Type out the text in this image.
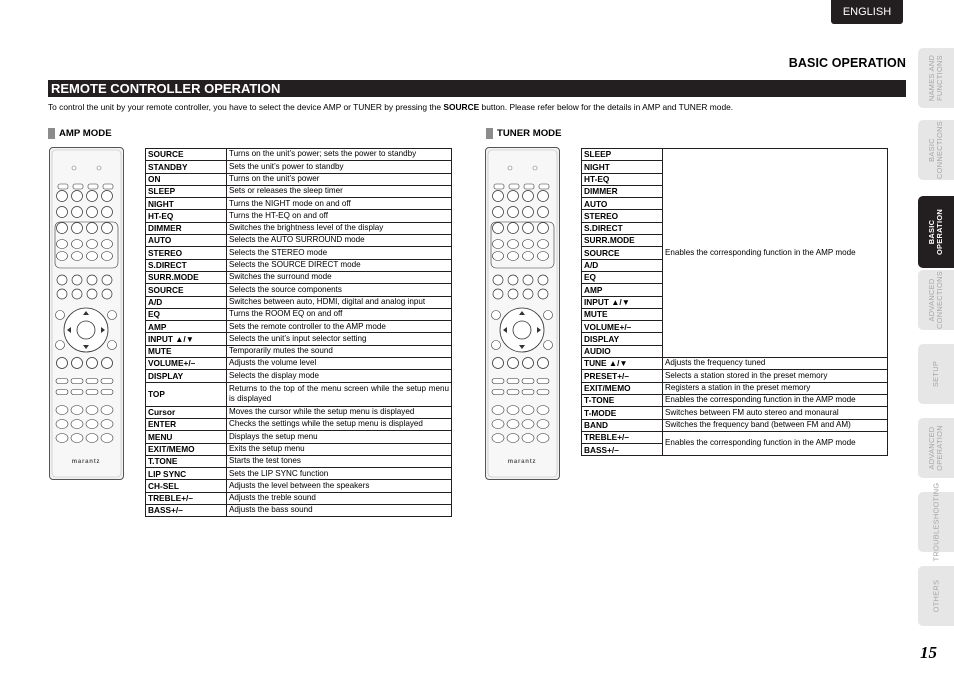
ENGLISH
BASIC OPERATION
REMOTE CONTROLLER OPERATION

To control the unit by your remote controller, you have to select the device AMP or TUNER by pressing the SOURCE button. Please refer below for the details in AMP and TUNER mode.

AMP MODE	TUNER MODE
marantz	marantz
SOURCE	Turns on the unit’s power; sets the power to standby
STANDBY	Sets the unit’s power to standby
ON	Turns on the unit’s power
SLEEP	Sets or releases the sleep timer
NIGHT	Turns the NIGHT mode on and off
HT-EQ	Turns the HT-EQ on and off
DIMMER	Switches the brightness level of the display
AUTO	Selects the AUTO SURROUND mode
STEREO	Selects the STEREO mode
S.DIRECT	Selects the SOURCE DIRECT mode
SURR.MODE	Switches the surround mode
SOURCE	Selects the source components
A/D	Switches between auto, HDMI, digital and analog input
EQ	Turns the ROOM EQ on and off
AMP	Sets the remote controller to the AMP mode
INPUT ▲/▼	Selects the unit’s input selector setting
MUTE	Temporarily mutes the sound
VOLUME+/–	Adjusts the volume level
DISPLAY	Selects the display mode
TOP	Returns to the top of the menu screen while the setup menu is displayed
Cursor	Moves the cursor while the setup menu is displayed
ENTER	Checks the settings while the setup menu is displayed
MENU	Displays the setup menu
EXIT/MEMO	Exits the setup menu
T.TONE	Starts the test tones
LIP SYNC	Sets the LIP SYNC function
CH-SEL	Adjusts the level between the speakers
TREBLE+/–	Adjusts the treble sound
BASS+/–	Adjusts the bass sound
SLEEP	Enables the corresponding function in the AMP mode
NIGHT	
HT-EQ	
DIMMER	
AUTO	
STEREO	
S.DIRECT	
SURR.MODE	
SOURCE	
A/D	
EQ	
AMP	
INPUT ▲/▼	
MUTE	
VOLUME+/–	
DISPLAY	
AUDIO	
TUNE ▲/▼	Adjusts the frequency tuned
PRESET+/–	Selects a station stored in the preset memory
EXIT/MEMO	Registers a station in the preset memory
T-TONE	Enables the corresponding function in the AMP mode
T-MODE	Switches between FM auto stereo and monaural
BAND	Switches the frequency band (between FM and AM)
TREBLE+/–	Enables the corresponding function in the AMP mode
BASS+/–	
NAMES AND
FUNCTIONS
BASIC
CONNECTIONS
BASIC
OPERATION
ADVANCED
CONNECTIONS
SETUP
ADVANCED
OPERATION
TROUBLESHOOTING
OTHERS
15
